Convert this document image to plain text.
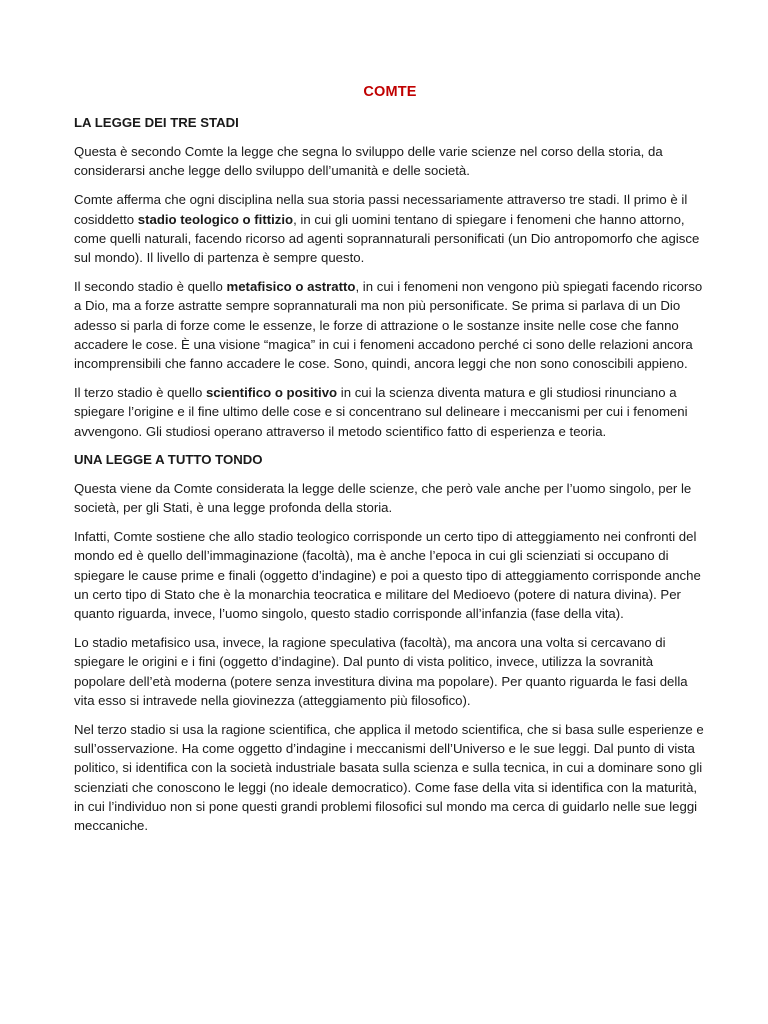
COMTE
LA LEGGE DEI TRE STADI

Questa è secondo Comte la legge che segna lo sviluppo delle varie scienze nel corso della storia, da considerarsi anche legge dello sviluppo dell’umanità e delle società.

Comte afferma che ogni disciplina nella sua storia passi necessariamente attraverso tre stadi. Il primo è il cosiddetto stadio teologico o fittizio, in cui gli uomini tentano di spiegare i fenomeni che hanno attorno, come quelli naturali, facendo ricorso ad agenti soprannaturali personificati (un Dio antropomorfo che agisce sul mondo). Il livello di partenza è sempre questo.

Il secondo stadio è quello metafisico o astratto, in cui i fenomeni non vengono più spiegati facendo ricorso a Dio, ma a forze astratte sempre soprannaturali ma non più personificate. Se prima si parlava di un Dio adesso si parla di forze come le essenze, le forze di attrazione o le sostanze insite nelle cose che fanno accadere le cose. È una visione “magica” in cui i fenomeni accadono perché ci sono delle relazioni ancora incomprensibili che fanno accadere le cose. Sono, quindi, ancora leggi che non sono conoscibili appieno.

Il terzo stadio è quello scientifico o positivo in cui la scienza diventa matura e gli studiosi rinunciano a spiegare l’origine e il fine ultimo delle cose e si concentrano sul delineare i meccanismi per cui i fenomeni avvengono. Gli studiosi operano attraverso il metodo scientifico fatto di esperienza e teoria.

UNA LEGGE A TUTTO TONDO

Questa viene da Comte considerata la legge delle scienze, che però vale anche per l’uomo singolo, per le società, per gli Stati, è una legge profonda della storia.

Infatti, Comte sostiene che allo stadio teologico corrisponde un certo tipo di atteggiamento nei confronti del mondo ed è quello dell’immaginazione (facoltà), ma è anche l’epoca in cui gli scienziati si occupano di spiegare le cause prime e finali (oggetto d’indagine) e poi a questo tipo di atteggiamento corrisponde anche un certo tipo di Stato che è la monarchia teocratica e militare del Medioevo (potere di natura divina). Per quanto riguarda, invece, l’uomo singolo, questo stadio corrisponde all’infanzia (fase della vita).

Lo stadio metafisico usa, invece, la ragione speculativa (facoltà), ma ancora una volta si cercavano di spiegare le origini e i fini (oggetto d’indagine). Dal punto di vista politico, invece, utilizza la sovranità popolare dell’età moderna (potere senza investitura divina ma popolare). Per quanto riguarda le fasi della vita esso si intravede nella giovinezza (atteggiamento più filosofico).

Nel terzo stadio si usa la ragione scientifica, che applica il metodo scientifica, che si basa sulle esperienze e sull’osservazione. Ha come oggetto d’indagine i meccanismi dell’Universo e le sue leggi. Dal punto di vista politico, si identifica con la società industriale basata sulla scienza e sulla tecnica, in cui a dominare sono gli scienziati che conoscono le leggi (no ideale democratico). Come fase della vita si identifica con la maturità, in cui l’individuo non si pone questi grandi problemi filosofici sul mondo ma cerca di guidarlo nelle sue leggi meccaniche.
